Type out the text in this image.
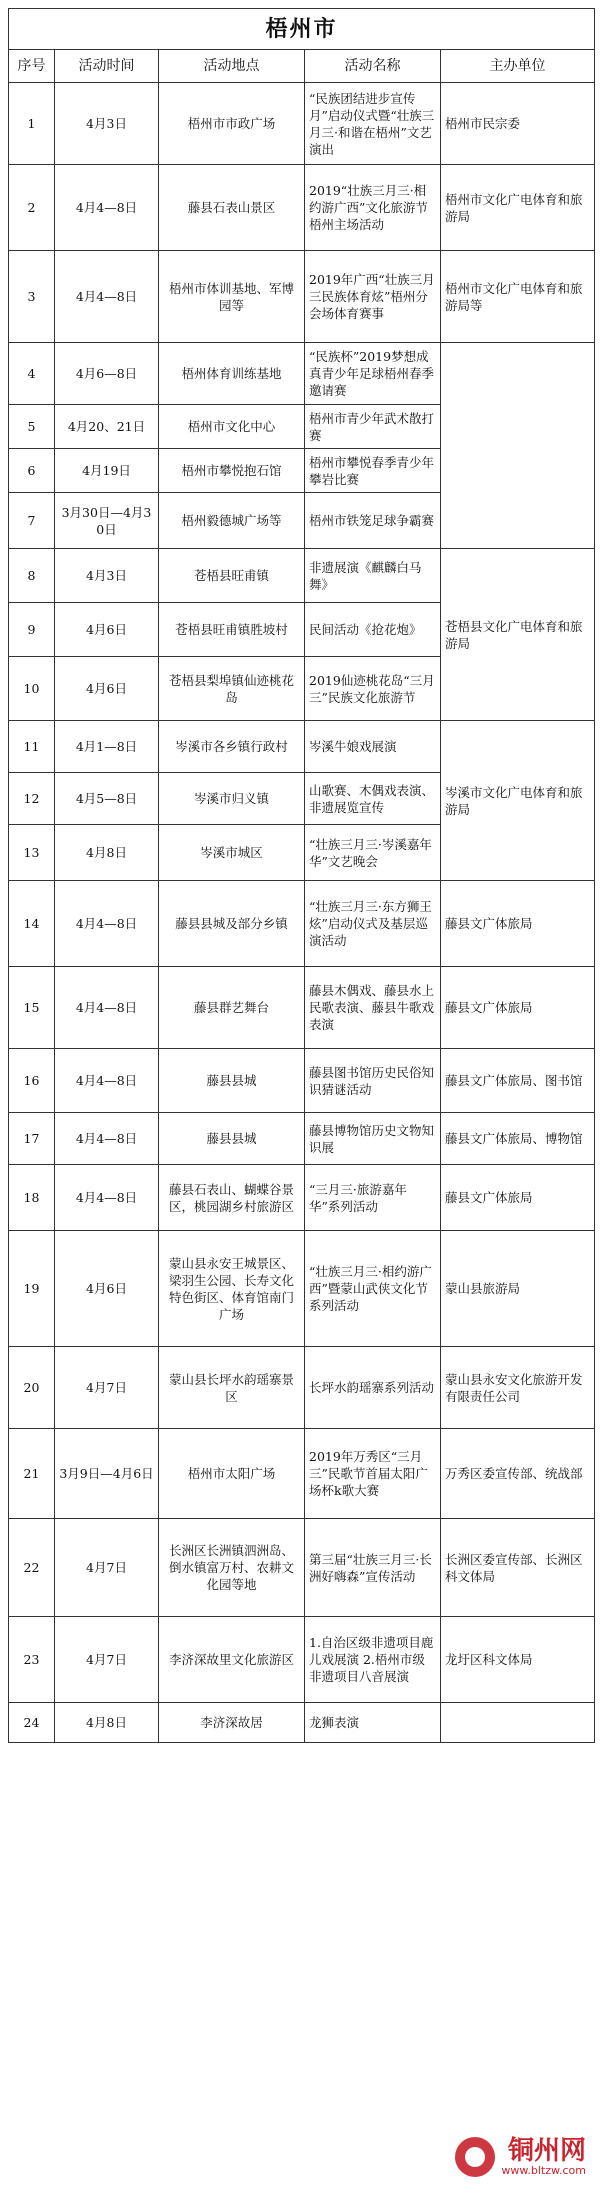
梧州市				
序号	活动时间	活动地点	活动名称	主办单位
1	4月3日	梧州市市政广场	“民族团结进步宣传月”启动仪式暨“壮族三月三·和谐在梧州”文艺演出	梧州市民宗委
2	4月4—8日	藤县石表山景区	2019“壮族三月三·相约游广西”文化旅游节梧州主场活动	梧州市文化广电体育和旅游局
3	4月4—8日	梧州市体训基地、军博园等	2019年广西“壮族三月三民族体育炫”梧州分会场体育赛事	梧州市文化广电体育和旅游局等
4	4月6—8日	梧州体育训练基地	“民族杯”2019梦想成真青少年足球梧州春季邀请赛	
5	4月20、21日	梧州市文化中心	梧州市青少年武术散打赛	
6	4月19日	梧州市攀悦抱石馆	梧州市攀悦春季青少年攀岩比赛	
7	3月30日—4月30日	梧州毅德城广场等	梧州市铁笼足球争霸赛	
8	4月3日	苍梧县旺甫镇	非遗展演《麒麟白马舞》	苍梧县文化广电体育和旅游局
9	4月6日	苍梧县旺甫镇胜坡村	民间活动《抢花炮》	
10	4月6日	苍梧县梨埠镇仙迹桃花岛	2019仙迹桃花岛“三月三”民族文化旅游节	
11	4月1—8日	岑溪市各乡镇行政村	岑溪牛娘戏展演	岑溪市文化广电体育和旅游局
12	4月5—8日	岑溪市归义镇	山歌赛、木偶戏表演、非遗展览宣传	
13	4月8日	岑溪市城区	“壮族三月三·岑溪嘉年华”文艺晚会	
14	4月4—8日	藤县县城及部分乡镇	“壮族三月三·东方狮王炫”启动仪式及基层巡演活动	藤县文广体旅局
15	4月4—8日	藤县群艺舞台	藤县木偶戏、藤县水上民歌表演、藤县牛歌戏表演	藤县文广体旅局
16	4月4—8日	藤县县城	藤县图书馆历史民俗知识猜谜活动	藤县文广体旅局、图书馆
17	4月4—8日	藤县县城	藤县博物馆历史文物知识展	藤县文广体旅局、博物馆
18	4月4—8日	藤县石表山、蝴蝶谷景区，桃园湖乡村旅游区	“三月三·旅游嘉年华”系列活动	藤县文广体旅局
19	4月6日	蒙山县永安王城景区、梁羽生公园、长寿文化特色街区、体育馆南门广场	“壮族三月三·相约游广西”暨蒙山武侠文化节系列活动	蒙山县旅游局
20	4月7日	蒙山县长坪水韵瑶寨景区	长坪水韵瑶寨系列活动	蒙山县永安文化旅游开发有限责任公司
21	3月9日—4月6日	梧州市太阳广场	2019年万秀区“三月三”民歌节首届太阳广场杯k歌大赛	万秀区委宣传部、统战部
22	4月7日	长洲区长洲镇泗洲岛、倒水镇富万村、农耕文化园等地	第三届“壮族三月三·长洲好嗨森”宣传活动	长洲区委宣传部、长洲区科文体局
23	4月7日	李济深故里文化旅游区	1.自治区级非遗项目鹿儿戏展演 2.梧州市级非遗项目八音展演	龙圩区科文体局
24	4月8日	李济深故居	龙狮表演	
铜州网
www.bltzw.com
